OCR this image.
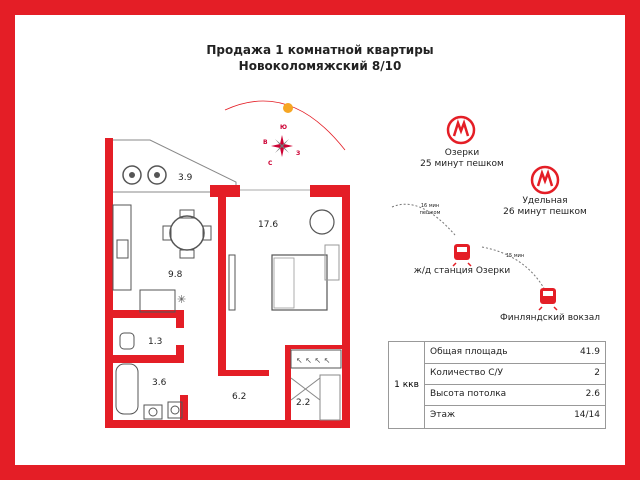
Продажа 1 комнатной квартиры
Новоколомяжский 8/10
✳
↖ ↖ ↖ ↖
Ю
В
З
С
3.9
17.6
9.8
1.3
3.6
6.2
2.2
Озерки
25 минут пешком
Удельная
26 минут пешком
16 мин
пешком
ж/д станция Озерки
15 мин
Финляндский вокзал
1 ккв
Общая площадь	41.9
Количество С/У	2
Высота потолка	2.6
Этаж	14/14
